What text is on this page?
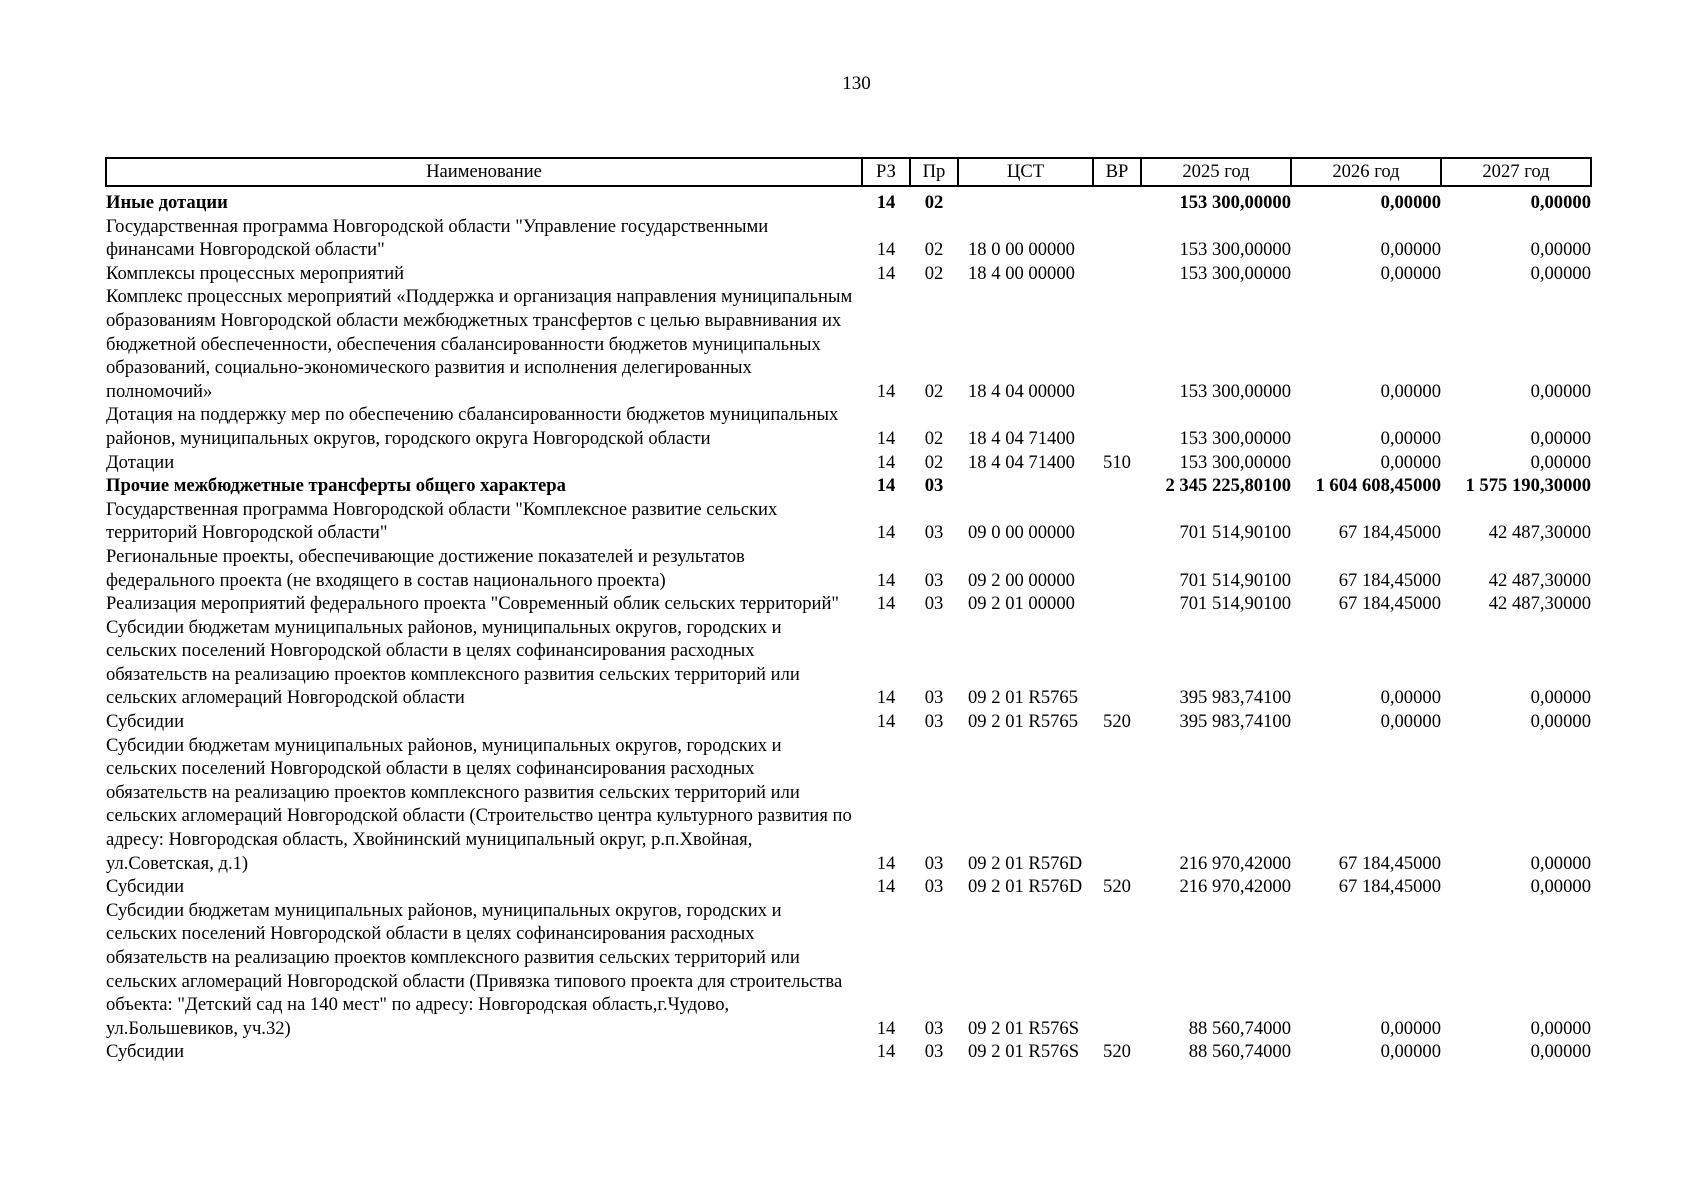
130
Наименование	РЗ	Пр	ЦСТ	ВР	2025 год	2026 год	2027 год
Иные дотации	14	02			153 300,00000	0,00000	0,00000
Государственная программа Новгородской области "Управление государственными финансами Новгородской области"	14	02	18 0 00 00000		153 300,00000	0,00000	0,00000
Комплексы процессных мероприятий	14	02	18 4 00 00000		153 300,00000	0,00000	0,00000
Комплекс процессных мероприятий «Поддержка и организация направления муниципальным образованиям Новгородской области межбюджетных трансфертов с целью выравнивания их бюджетной обеспеченности, обеспечения сбалансированности бюджетов муниципальных образований, социально-экономического развития и исполнения делегированных полномочий»	14	02	18 4 04 00000		153 300,00000	0,00000	0,00000
Дотация на поддержку мер по обеспечению сбалансированности бюджетов муниципальных районов, муниципальных округов, городского округа Новгородской области	14	02	18 4 04 71400		153 300,00000	0,00000	0,00000
Дотации	14	02	18 4 04 71400	510	153 300,00000	0,00000	0,00000
Прочие межбюджетные трансферты общего характера	14	03			2 345 225,80100	1 604 608,45000	1 575 190,30000
Государственная программа Новгородской области "Комплексное развитие сельских территорий Новгородской области"	14	03	09 0 00 00000		701 514,90100	67 184,45000	42 487,30000
Региональные проекты, обеспечивающие достижение показателей и результатов федерального проекта (не входящего в состав национального проекта)	14	03	09 2 00 00000		701 514,90100	67 184,45000	42 487,30000
Реализация мероприятий федерального проекта "Современный облик сельских территорий"	14	03	09 2 01 00000		701 514,90100	67 184,45000	42 487,30000
Субсидии бюджетам муниципальных районов, муниципальных округов, городских и сельских поселений Новгородской области в целях софинансирования расходных обязательств на реализацию проектов комплексного развития сельских территорий или сельских агломераций Новгородской области	14	03	09 2 01 R5765		395 983,74100	0,00000	0,00000
Субсидии	14	03	09 2 01 R5765	520	395 983,74100	0,00000	0,00000
Субсидии бюджетам муниципальных районов, муниципальных округов, городских и сельских поселений Новгородской области в целях софинансирования расходных обязательств на реализацию проектов комплексного развития сельских территорий или сельских агломераций Новгородской области (Строительство центра культурного развития по адресу: Новгородская область, Хвойнинский муниципальный округ, р.п.Хвойная, ул.Советская, д.1)	14	03	09 2 01 R576D		216 970,42000	67 184,45000	0,00000
Субсидии	14	03	09 2 01 R576D	520	216 970,42000	67 184,45000	0,00000
Субсидии бюджетам муниципальных районов, муниципальных округов, городских и сельских поселений Новгородской области в целях софинансирования расходных обязательств на реализацию проектов комплексного развития сельских территорий или сельских агломераций Новгородской области (Привязка типового проекта для строительства объекта: "Детский сад на 140 мест" по адресу: Новгородская область,г.Чудово, ул.Большевиков, уч.32)	14	03	09 2 01 R576S		88 560,74000	0,00000	0,00000
Субсидии	14	03	09 2 01 R576S	520	88 560,74000	0,00000	0,00000
